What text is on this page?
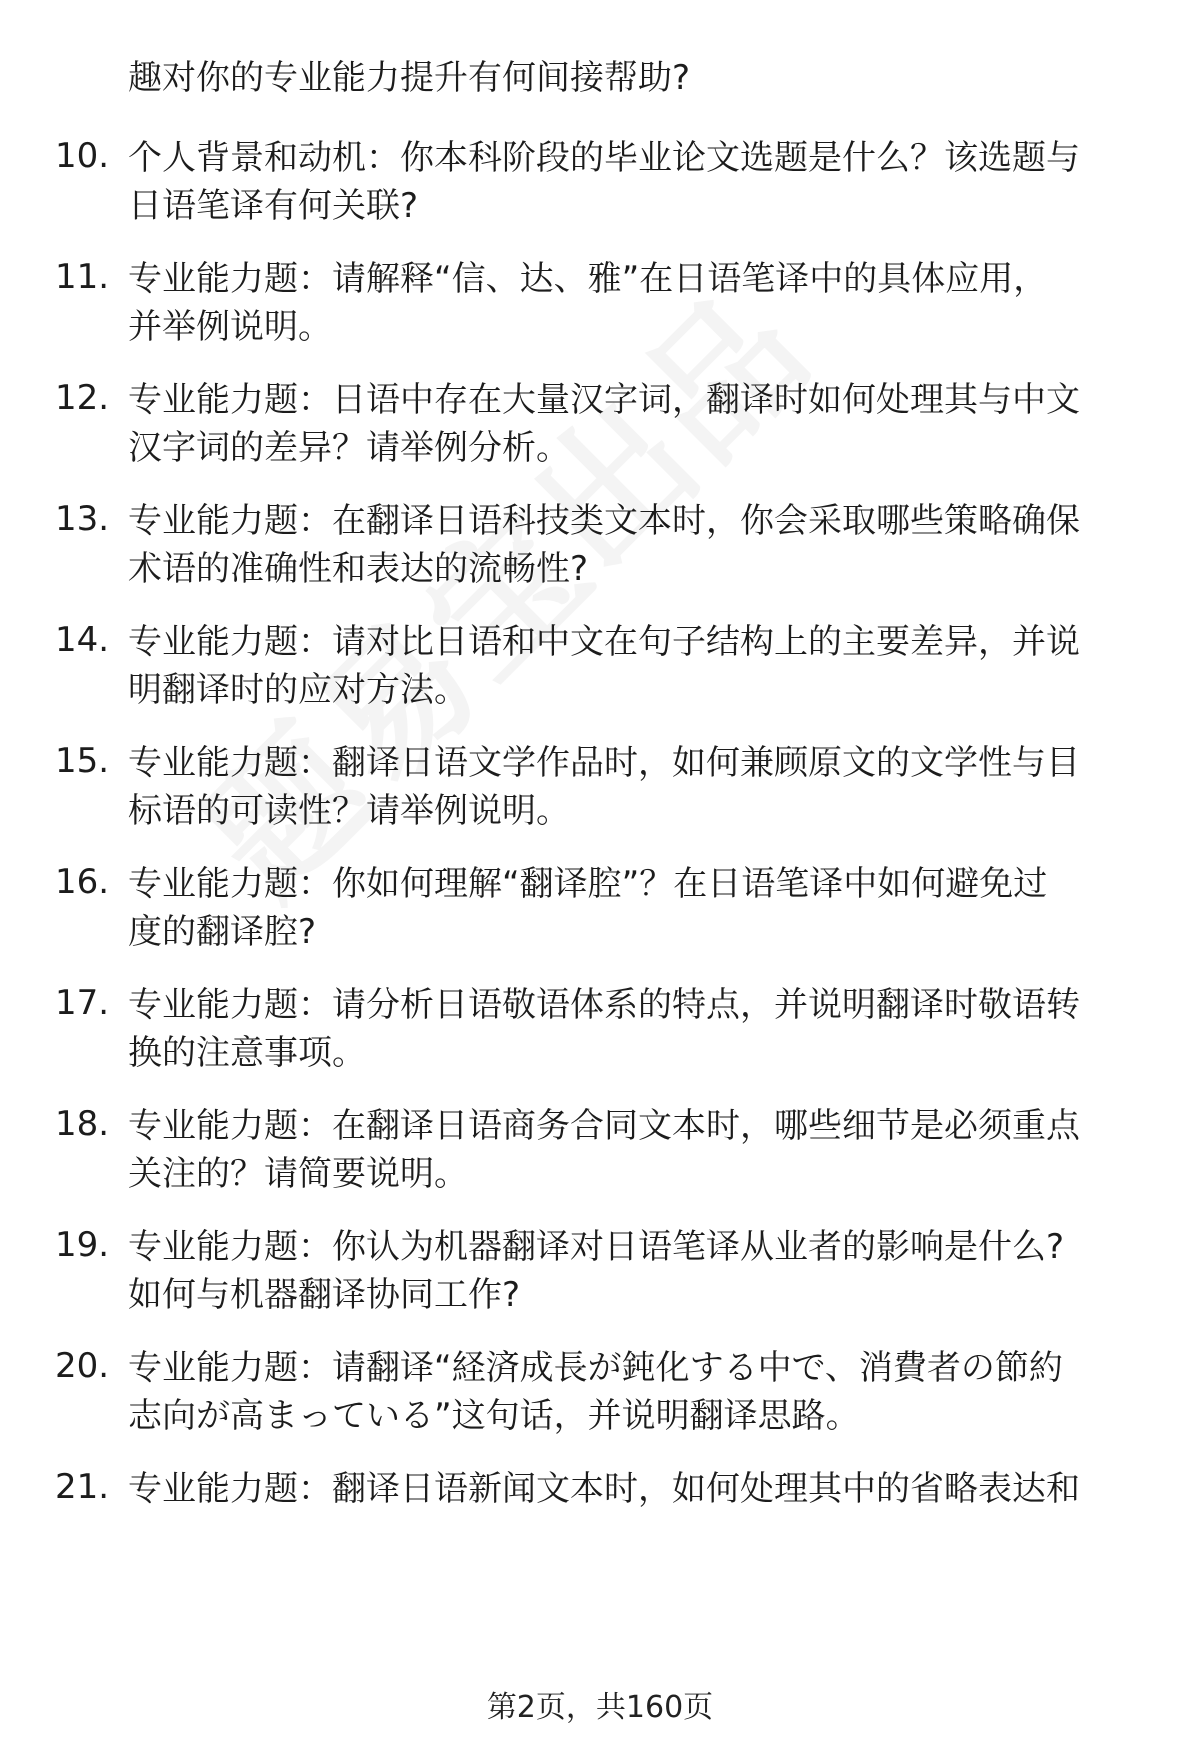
趣对你的专业能力提升有何间接帮助?
10. 个人背景和动机：你本科阶段的毕业论文选题是什么？该选题与
日语笔译有何关联?
11. 专业能力题：请解释“信、达、雅”在日语笔译中的具体应用，
并举例说明。
12. 专业能力题：日语中存在大量汉字词，翻译时如何处理其与中文
汉字词的差异？请举例分析。
13. 专业能力题：在翻译日语科技类文本时，你会采取哪些策略确保
术语的准确性和表达的流畅性?
14. 专业能力题：请对比日语和中文在句子结构上的主要差异，并说
明翻译时的应对方法。
15. 专业能力题：翻译日语文学作品时，如何兼顾原文的文学性与目
标语的可读性？请举例说明。
16. 专业能力题：你如何理解“翻译腔”？在日语笔译中如何避免过
度的翻译腔?
17. 专业能力题：请分析日语敬语体系的特点，并说明翻译时敬语转
换的注意事项。
18. 专业能力题：在翻译日语商务合同文本时，哪些细节是必须重点
关注的？请简要说明。
19. 专业能力题：你认为机器翻译对日语笔译从业者的影响是什么?
如何与机器翻译协同工作?
20. 专业能力题：请翻译“経済成長が鈍化する中で、消費者の節約
志向が高まっている”这句话，并说明翻译思路。
21. 专业能力题：翻译日语新闻文本时，如何处理其中的省略表达和
第2页，共160页
